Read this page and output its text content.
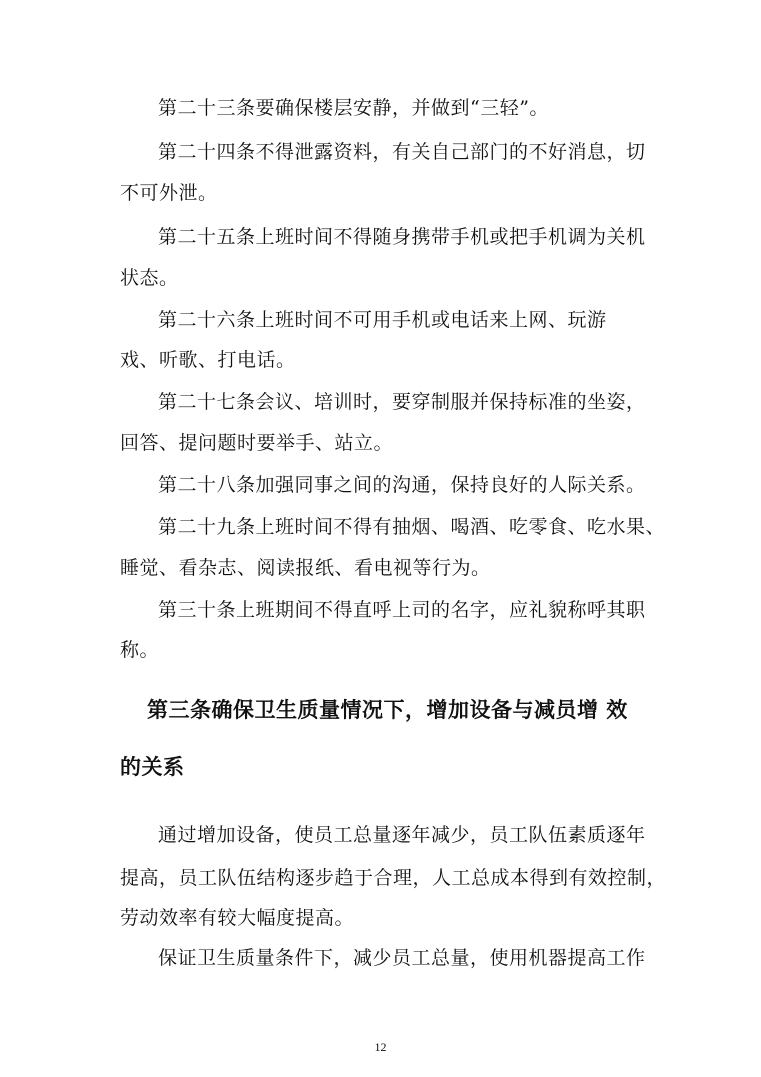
第二十三条要确保楼层安静，并做到“三轻”。
第二十四条不得泄露资料，有关自己部门的不好消息，切
不可外泄。
第二十五条上班时间不得随身携带手机或把手机调为关机
状态。
第二十六条上班时间不可用手机或电话来上网、玩游
戏、听歌、打电话。
第二十七条会议、培训时，要穿制服并保持标准的坐姿，
回答、提问题时要举手、站立。
第二十八条加强同事之间的沟通，保持良好的人际关系。
第二十九条上班时间不得有抽烟、喝酒、吃零食、吃水果、
睡觉、看杂志、阅读报纸、看电视等行为。
第三十条上班期间不得直呼上司的名字，应礼貌称呼其职
称。
第三条确保卫生质量情况下，增加设备与减员增 效
的关系
通过增加设备，使员工总量逐年减少，员工队伍素质逐年
提高，员工队伍结构逐步趋于合理，人工总成本得到有效控制，
劳动效率有较大幅度提高。
保证卫生质量条件下，减少员工总量，使用机器提高工作
12
